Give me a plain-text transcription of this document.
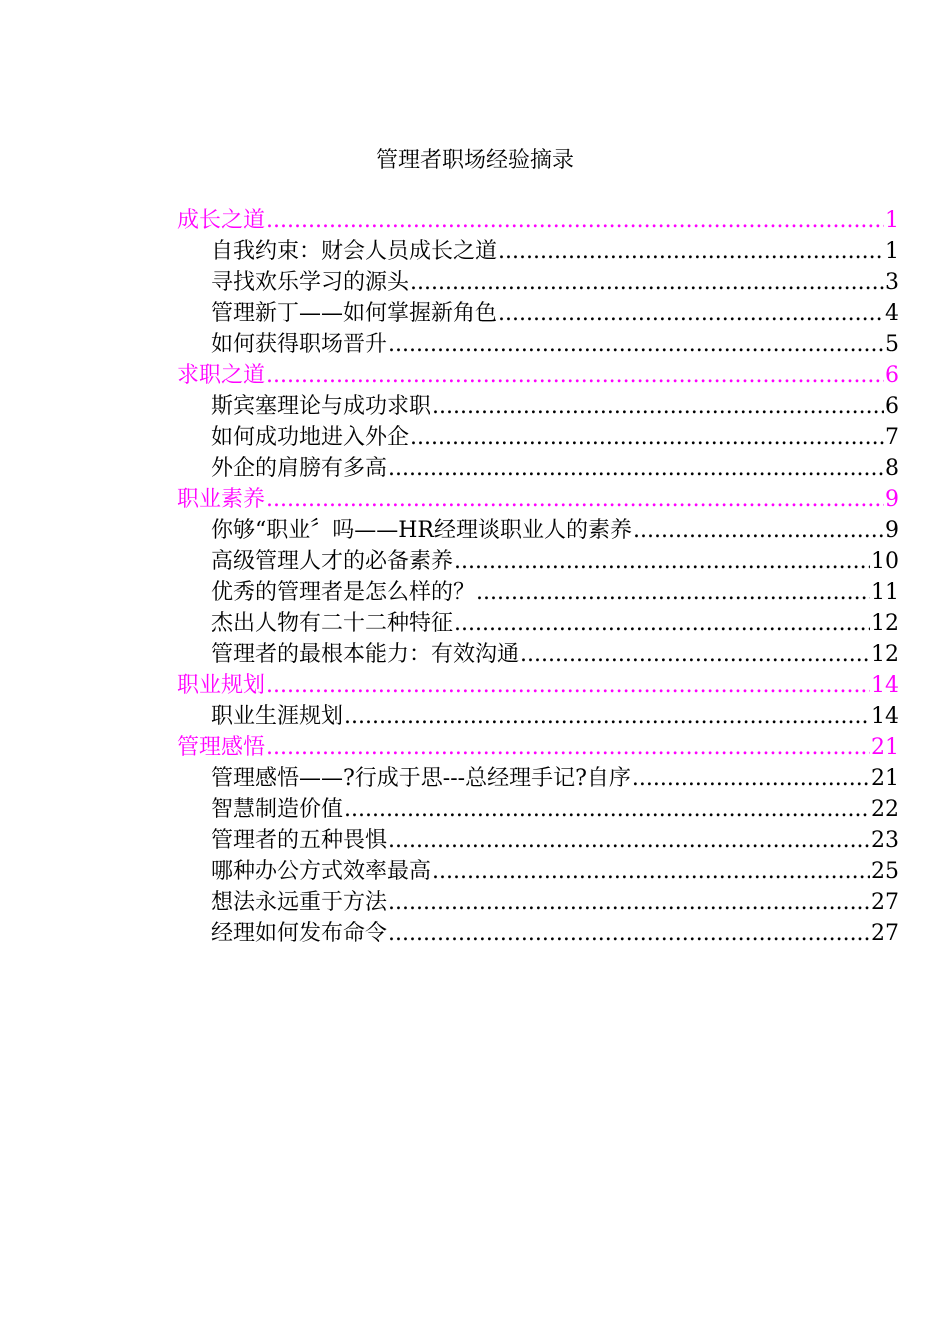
管理者职场经验摘录
成长之道 .....	1
自我约束：财会人员成长之道 .....	1
寻找欢乐学习的源头 .....	3
管理新丁——如何掌握新角色 .....	4
如何获得职场晋升 .....	5
求职之道 .....	6
斯宾塞理论与成功求职 .....	6
如何成功地进入外企 .....	7
外企的肩膀有多高 .....	8
职业素养 .....	9
你够“职业〞吗——HR经理谈职业人的素养 .....	9
高级管理人才的必备素养 .....	10
优秀的管理者是怎么样的？ .....	11
杰出人物有二十二种特征 .....	12
管理者的最根本能力：有效沟通 .....	12
职业规划 .....	14
职业生涯规划 .....	14
管理感悟 .....	21
管理感悟——?行成于思---总经理手记?自序 .....	21
智慧制造价值 .....	22
管理者的五种畏惧 .....	23
哪种办公方式效率最高 .....	25
想法永远重于方法 .....	27
经理如何发布命令 .....	27
